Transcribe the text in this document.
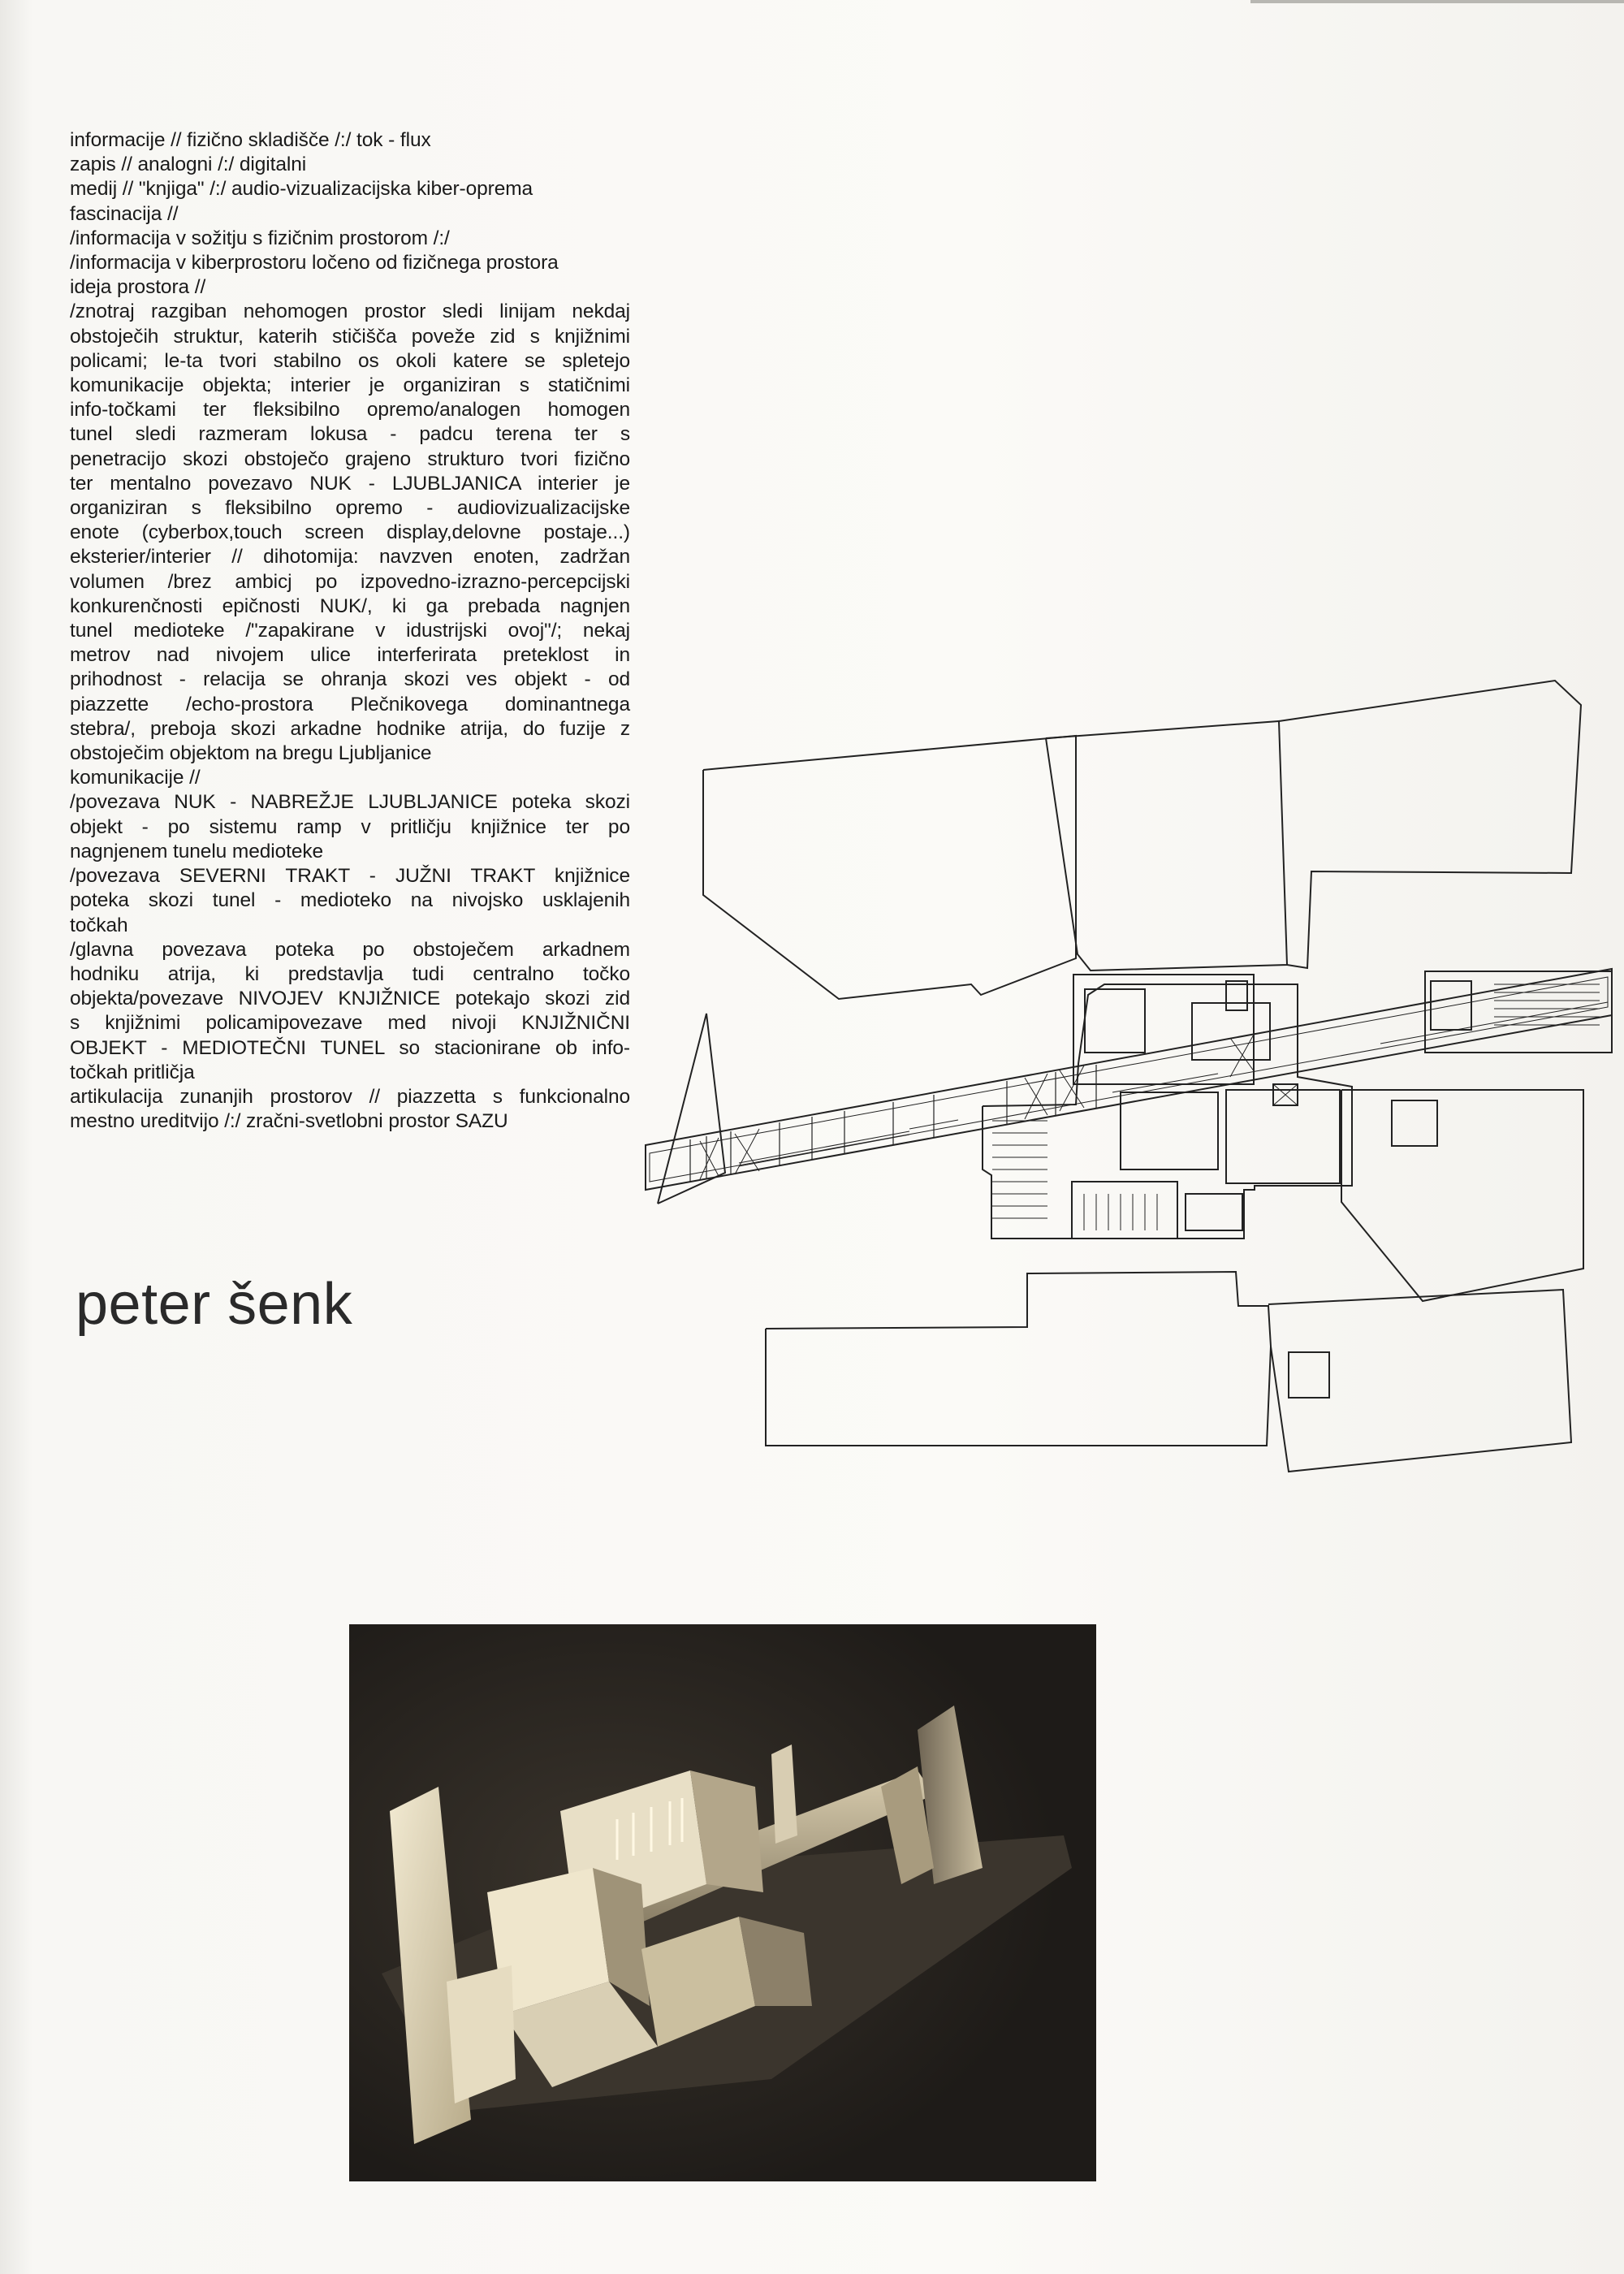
informacije // fizično skladišče /:/ tok - flux
zapis // analogni /:/ digitalni
medij // "knjiga" /:/ audio-vizualizacijska kiber-oprema
fascinacija //
/informacija v sožitju s fizičnim prostorom /:/
/informacija v kiberprostoru ločeno od fizičnega prostora
ideja prostora //
/znotraj razgiban nehomogen prostor sledi linijam nekdaj
obstoječih struktur, katerih stičišča poveže zid s knjižnimi
policami; le-ta tvori stabilno os okoli katere se spletejo
komunikacije objekta; interier je organiziran s statičnimi
info-točkami ter fleksibilno opremo/analogen homogen
tunel sledi razmeram lokusa - padcu terena ter s
penetracijo skozi obstoječo grajeno strukturo tvori fizično
ter mentalno povezavo NUK - LJUBLJANICA interier je
organiziran s fleksibilno opremo - audiovizualizacijske
enote (cyberbox,touch screen display,delovne postaje...)
eksterier/interier // dihotomija: navzven enoten, zadržan
volumen /brez ambicj po izpovedno-izrazno-percepcijski
konkurenčnosti epičnosti NUK/, ki ga prebada nagnjen
tunel medioteke /"zapakirane v idustrijski ovoj"/; nekaj
metrov nad nivojem ulice interferirata preteklost in
prihodnost - relacija se ohranja skozi ves objekt - od
piazzette /echo-prostora Plečnikovega dominantnega
stebra/, preboja skozi arkadne hodnike atrija, do fuzije z
obstoječim objektom na bregu Ljubljanice
komunikacije //
/povezava NUK - NABREŽJE LJUBLJANICE poteka skozi
objekt - po sistemu ramp v pritličju knjižnice ter po
nagnjenem tunelu medioteke
/povezava SEVERNI TRAKT - JUŽNI TRAKT knjižnice
poteka skozi tunel - medioteko na nivojsko usklajenih
točkah
/glavna povezava poteka po obstoječem arkadnem
hodniku atrija, ki predstavlja tudi centralno točko
objekta/povezave NIVOJEV KNJIŽNICE potekajo skozi zid
s knjižnimi policamipovezave med nivoji KNJIŽNIČNI
OBJEKT - MEDIOTEČNI TUNEL so stacionirane ob info-
točkah pritličja
artikulacija zunanjih prostorov // piazzetta s funkcionalno
mestno ureditvijo /:/ zračni-svetlobni prostor SAZU
peter šenk
